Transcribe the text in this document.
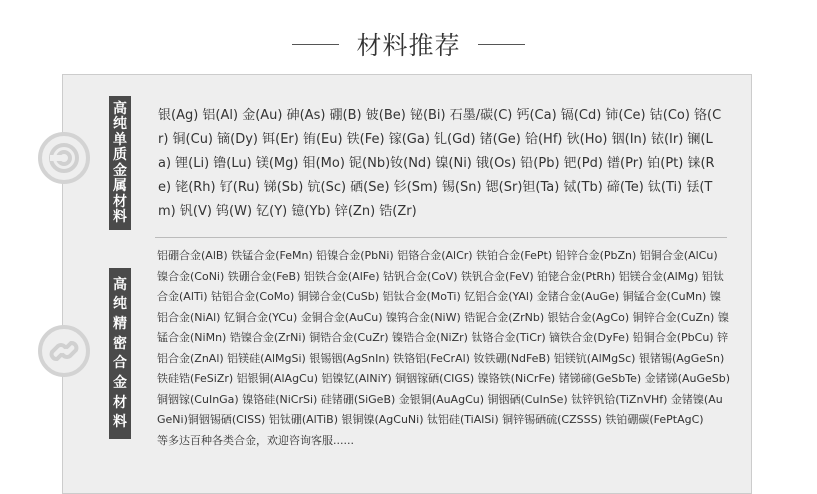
材料推荐
高
纯
单
质
金
属
材
料
银(Ag) 铝(Al) 金(Au) 砷(As) 硼(B) 铍(Be) 铋(Bi) 石墨/碳(C) 钙(Ca) 镉(Cd) 铈(Ce) 钴(Co) 铬(Cr) 铜(Cu) 镝(Dy) 铒(Er) 铕(Eu) 铁(Fe) 镓(Ga) 钆(Gd) 锗(Ge) 铪(Hf) 钬(Ho) 铟(In) 铱(Ir) 镧(La) 锂(Li) 镥(Lu) 镁(Mg) 钼(Mo) 铌(Nb)钕(Nd) 镍(Ni) 锇(Os) 铅(Pb) 钯(Pd) 镨(Pr) 铂(Pt) 铼(Re) 铑(Rh) 钌(Ru) 锑(Sb) 钪(Sc) 硒(Se) 钐(Sm) 锡(Sn) 锶(Sr)钽(Ta) 铽(Tb) 碲(Te) 钛(Ti) 铥(Tm) 钒(V) 钨(W) 钇(Y) 镱(Yb) 锌(Zn) 锆(Zr)
高
纯
精
密
合
金
材
料
铝硼合金(AlB) 铁锰合金(FeMn) 铅镍合金(PbNi) 铝铬合金(AlCr) 铁铂合金(FePt) 铅锌合金(PbZn) 铝铜合金(AlCu) 镍合金(CoNi) 铁硼合金(FeB) 铝铁合金(AlFe) 钴钒合金(CoV) 铁钒合金(FeV) 铂铑合金(PtRh) 铝镁合金(AlMg) 铝钛合金(AlTi) 钴铝合金(CoMo) 铜锑合金(CuSb) 铝钛合金(MoTi) 钇铝合金(YAl) 金锗合金(AuGe) 铜锰合金(CuMn) 镍铝合金(NiAl) 钇铜合金(YCu) 金铜合金(AuCu) 镍钨合金(NiW) 锆铌合金(ZrNb) 银钴合金(AgCo) 铜锌合金(CuZn) 镍锰合金(NiMn) 锆镍合金(ZrNi) 铜锆合金(CuZr) 镍锆合金(NiZr) 钛铬合金(TiCr) 镝铁合金(DyFe) 铅铜合金(PbCu) 锌铝合金(ZnAl) 铝镁硅(AlMgSi) 银锡铟(AgSnIn) 铁铬铝(FeCrAl) 钕铁硼(NdFeB) 铝镁钪(AlMgSc) 银锗锡(AgGeSn) 铁硅锆(FeSiZr) 铝银铜(AlAgCu) 铝镍钇(AlNiY) 铜铟镓硒(CIGS) 镍铬铁(NiCrFe) 锗锑碲(GeSbTe) 金锗锑(AuGeSb) 铜铟镓(CuInGa) 镍铬硅(NiCrSi) 硅锗硼(SiGeB) 金银铜(AuAgCu) 铜铟硒(CuInSe) 钛锌钒铪(TiZnVHf) 金锗镍(AuGeNi)铜铟锡硒(CISS) 铝钛硼(AlTiB) 银铜镍(AgCuNi) 钛铝硅(TiAlSi) 铜锌锡硒硫(CZSSS) 铁铂硼碳(FePtAgC)
等多达百种各类合金，欢迎咨询客服......
